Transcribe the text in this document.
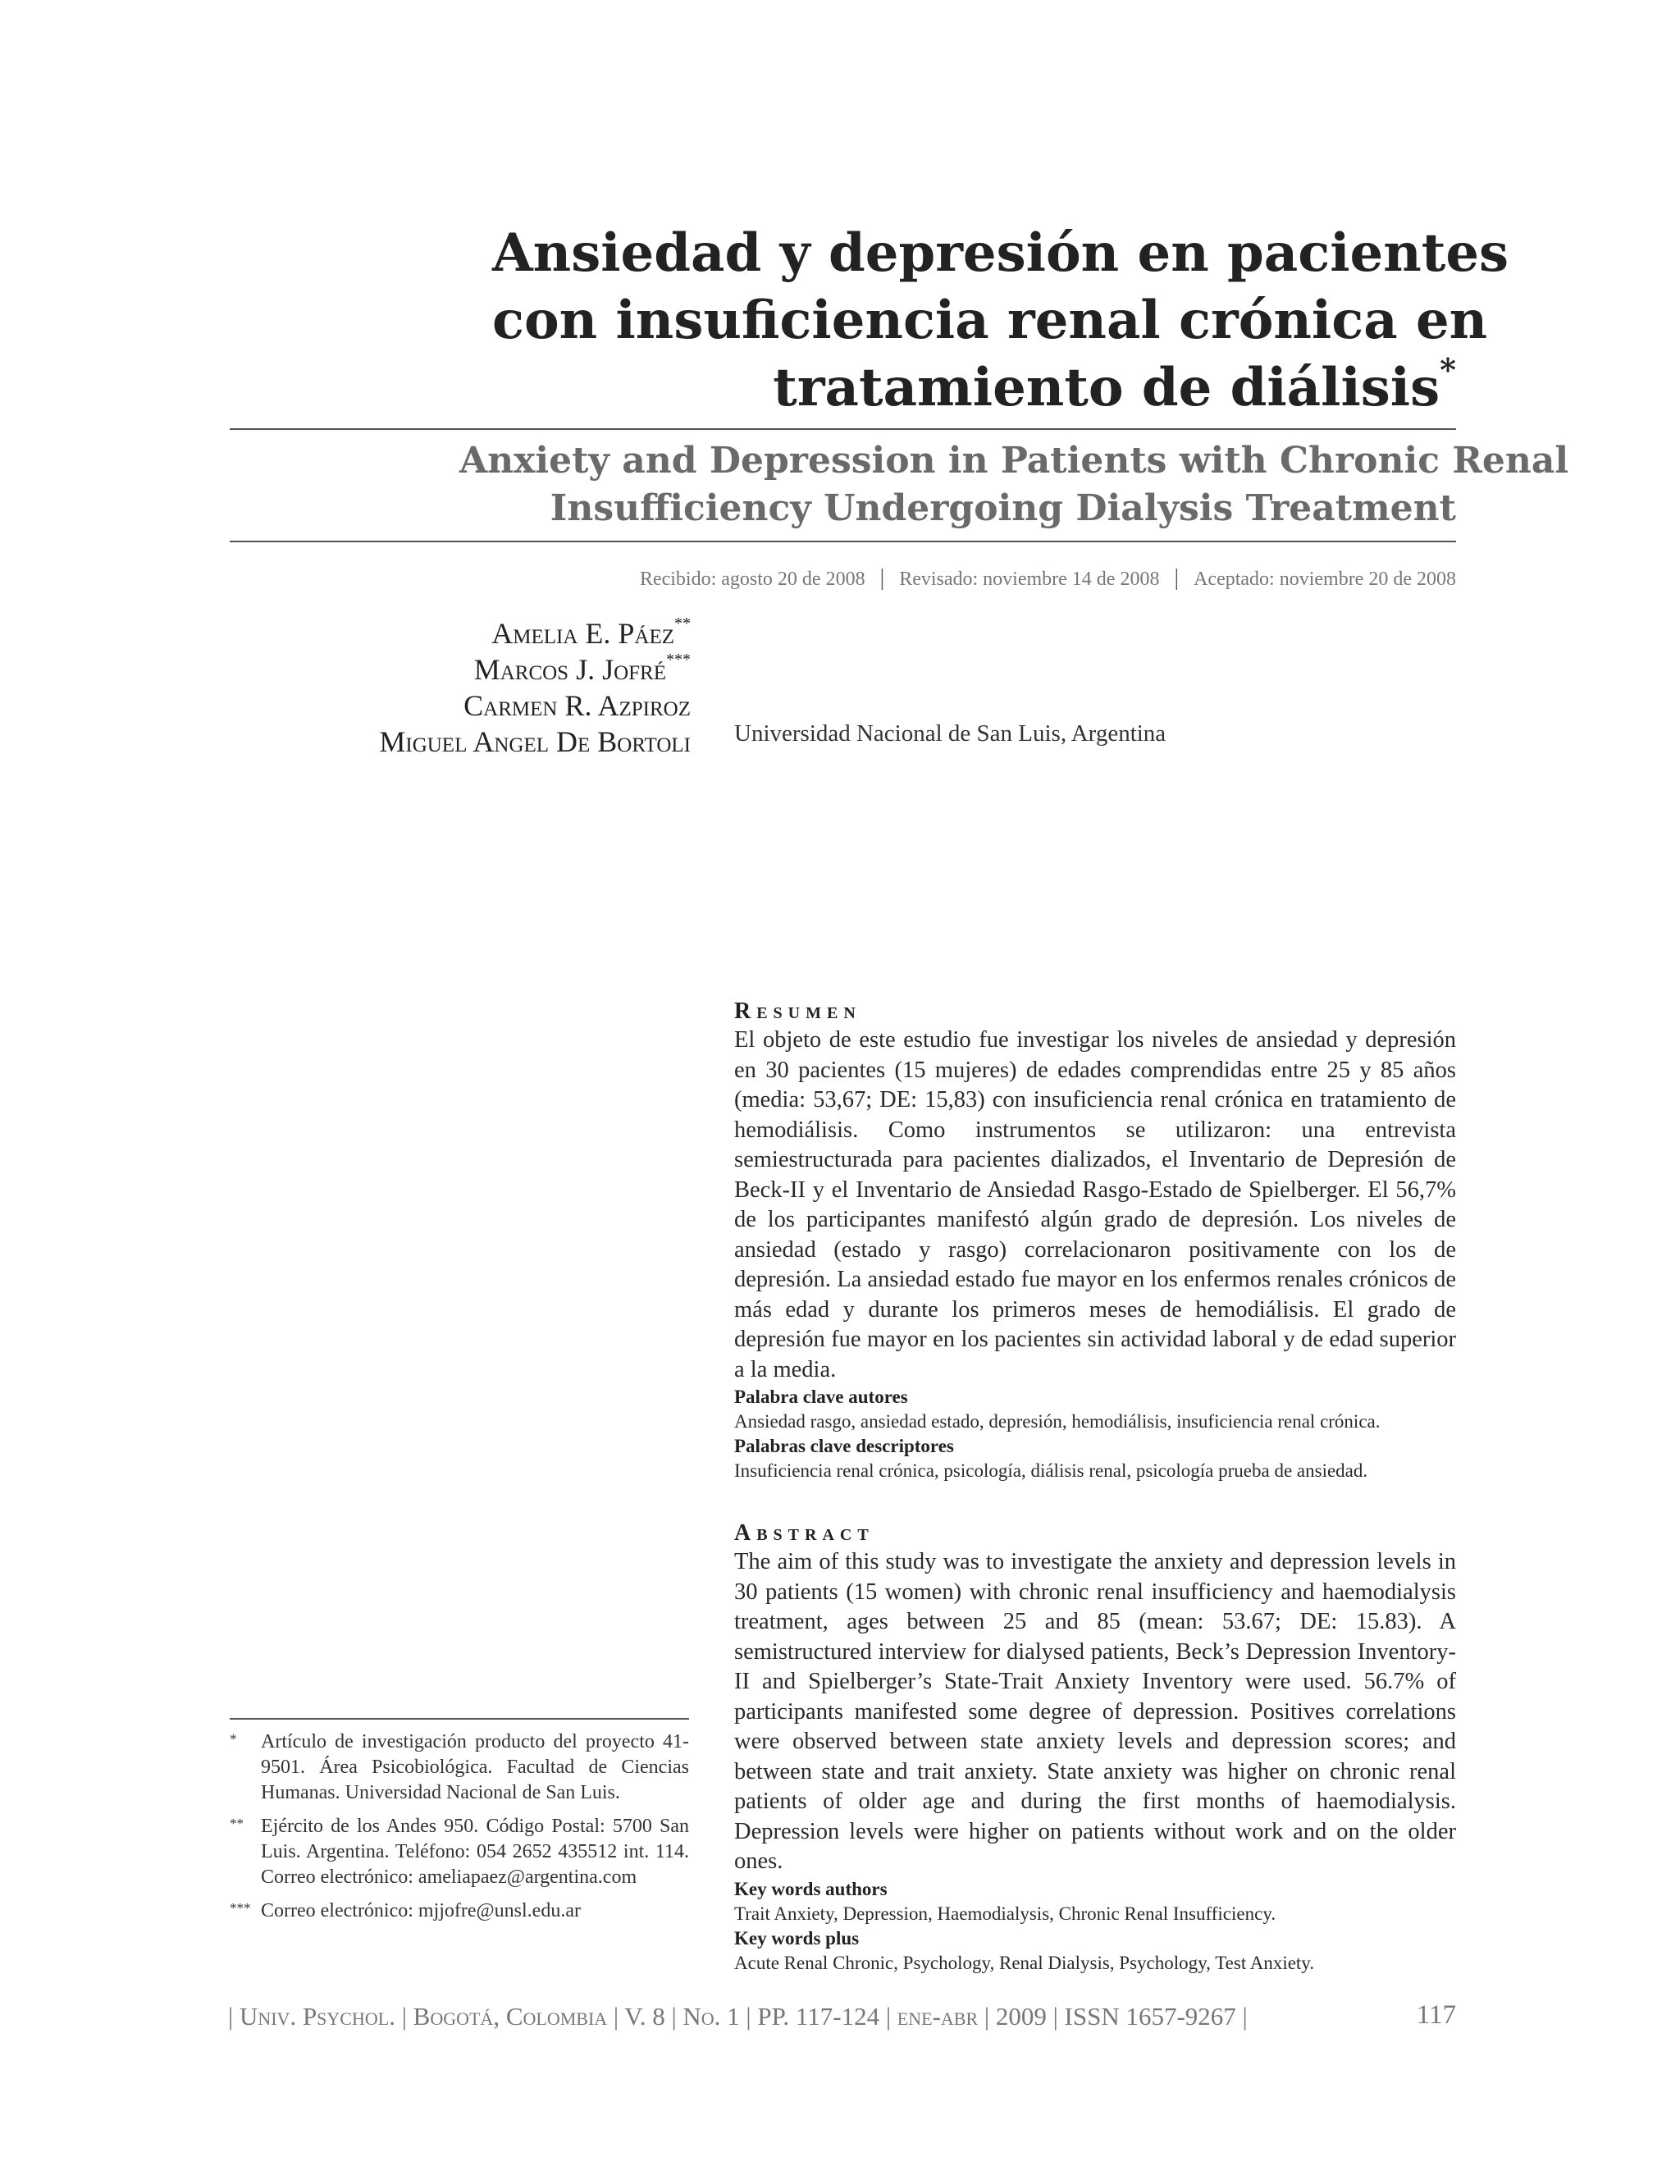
Ansiedad y depresión en pacientes
con insuficiencia renal crónica en
tratamiento de diálisis*
Anxiety and Depression in Patients with Chronic Renal
Insufficiency Undergoing Dialysis Treatment
Recibido: agosto 20 de 2008 | Revisado: noviembre 14 de 2008 | Aceptado: noviembre 20 de 2008
Amelia E. Páez**
Marcos J. Jofré***
Carmen R. Azpiroz
Miguel Angel De Bortoli Universidad Nacional de San Luis, Argentina
Resumen

El objeto de este estudio fue investigar los niveles de ansiedad y depresión en 30 pacientes (15 mujeres) de edades comprendidas entre 25 y 85 años (media: 53,67; DE: 15,83) con insuficiencia renal crónica en tratamiento de hemodiálisis. Como instrumentos se utilizaron: una entrevista semiestructurada para pacientes dializados, el Inventario de Depresión de Beck-II y el Inventario de Ansiedad Rasgo-Estado de Spielberger. El 56,7% de los participantes manifestó algún grado de depresión. Los niveles de ansiedad (estado y rasgo) correlacionaron positivamente con los de depresión. La ansiedad estado fue mayor en los enfermos renales crónicos de más edad y durante los primeros meses de hemodiálisis. El grado de depresión fue mayor en los pacientes sin actividad laboral y de edad superior a la media.

Palabra clave autores
Ansiedad rasgo, ansiedad estado, depresión, hemodiálisis, insuficiencia renal crónica.
Palabras clave descriptores
Insuficiencia renal crónica, psicología, diálisis renal, psicología prueba de ansiedad.
Abstract

The aim of this study was to investigate the anxiety and depression levels in 30 patients (15 women) with chronic renal insufficiency and haemodialysis treatment, ages between 25 and 85 (mean: 53.67; DE: 15.83). A semistructured interview for dialysed patients, Beck’s Depression Inventory-II and Spielberger’s State-Trait Anxiety Inventory were used. 56.7% of participants manifested some degree of depression. Positives correlations were observed between state anxiety levels and depression scores; and between state and trait anxiety. State anxiety was higher on chronic renal patients of older age and during the first months of haemodialysis. Depression levels were higher on patients without work and on the older ones.

Key words authors
Trait Anxiety, Depression, Haemodialysis, Chronic Renal Insufficiency.
Key words plus
Acute Renal Chronic, Psychology, Renal Dialysis, Psychology, Test Anxiety.
* Artículo de investigación producto del proyecto 41-9501. Área Psicobiológica. Facultad de Ciencias Humanas. Universidad Nacional de San Luis.
** Ejército de los Andes 950. Código Postal: 5700 San Luis. Argentina. Teléfono: 054 2652 435512 int. 114. Correo electrónico: ameliapaez@argentina.com
*** Correo electrónico: mjjofre@unsl.edu.ar
| Univ. Psychol. | Bogotá, Colombia | V. 8 | No. 1 | PP. 117-124 | ene-abr | 2009 | ISSN 1657-9267 |	117
